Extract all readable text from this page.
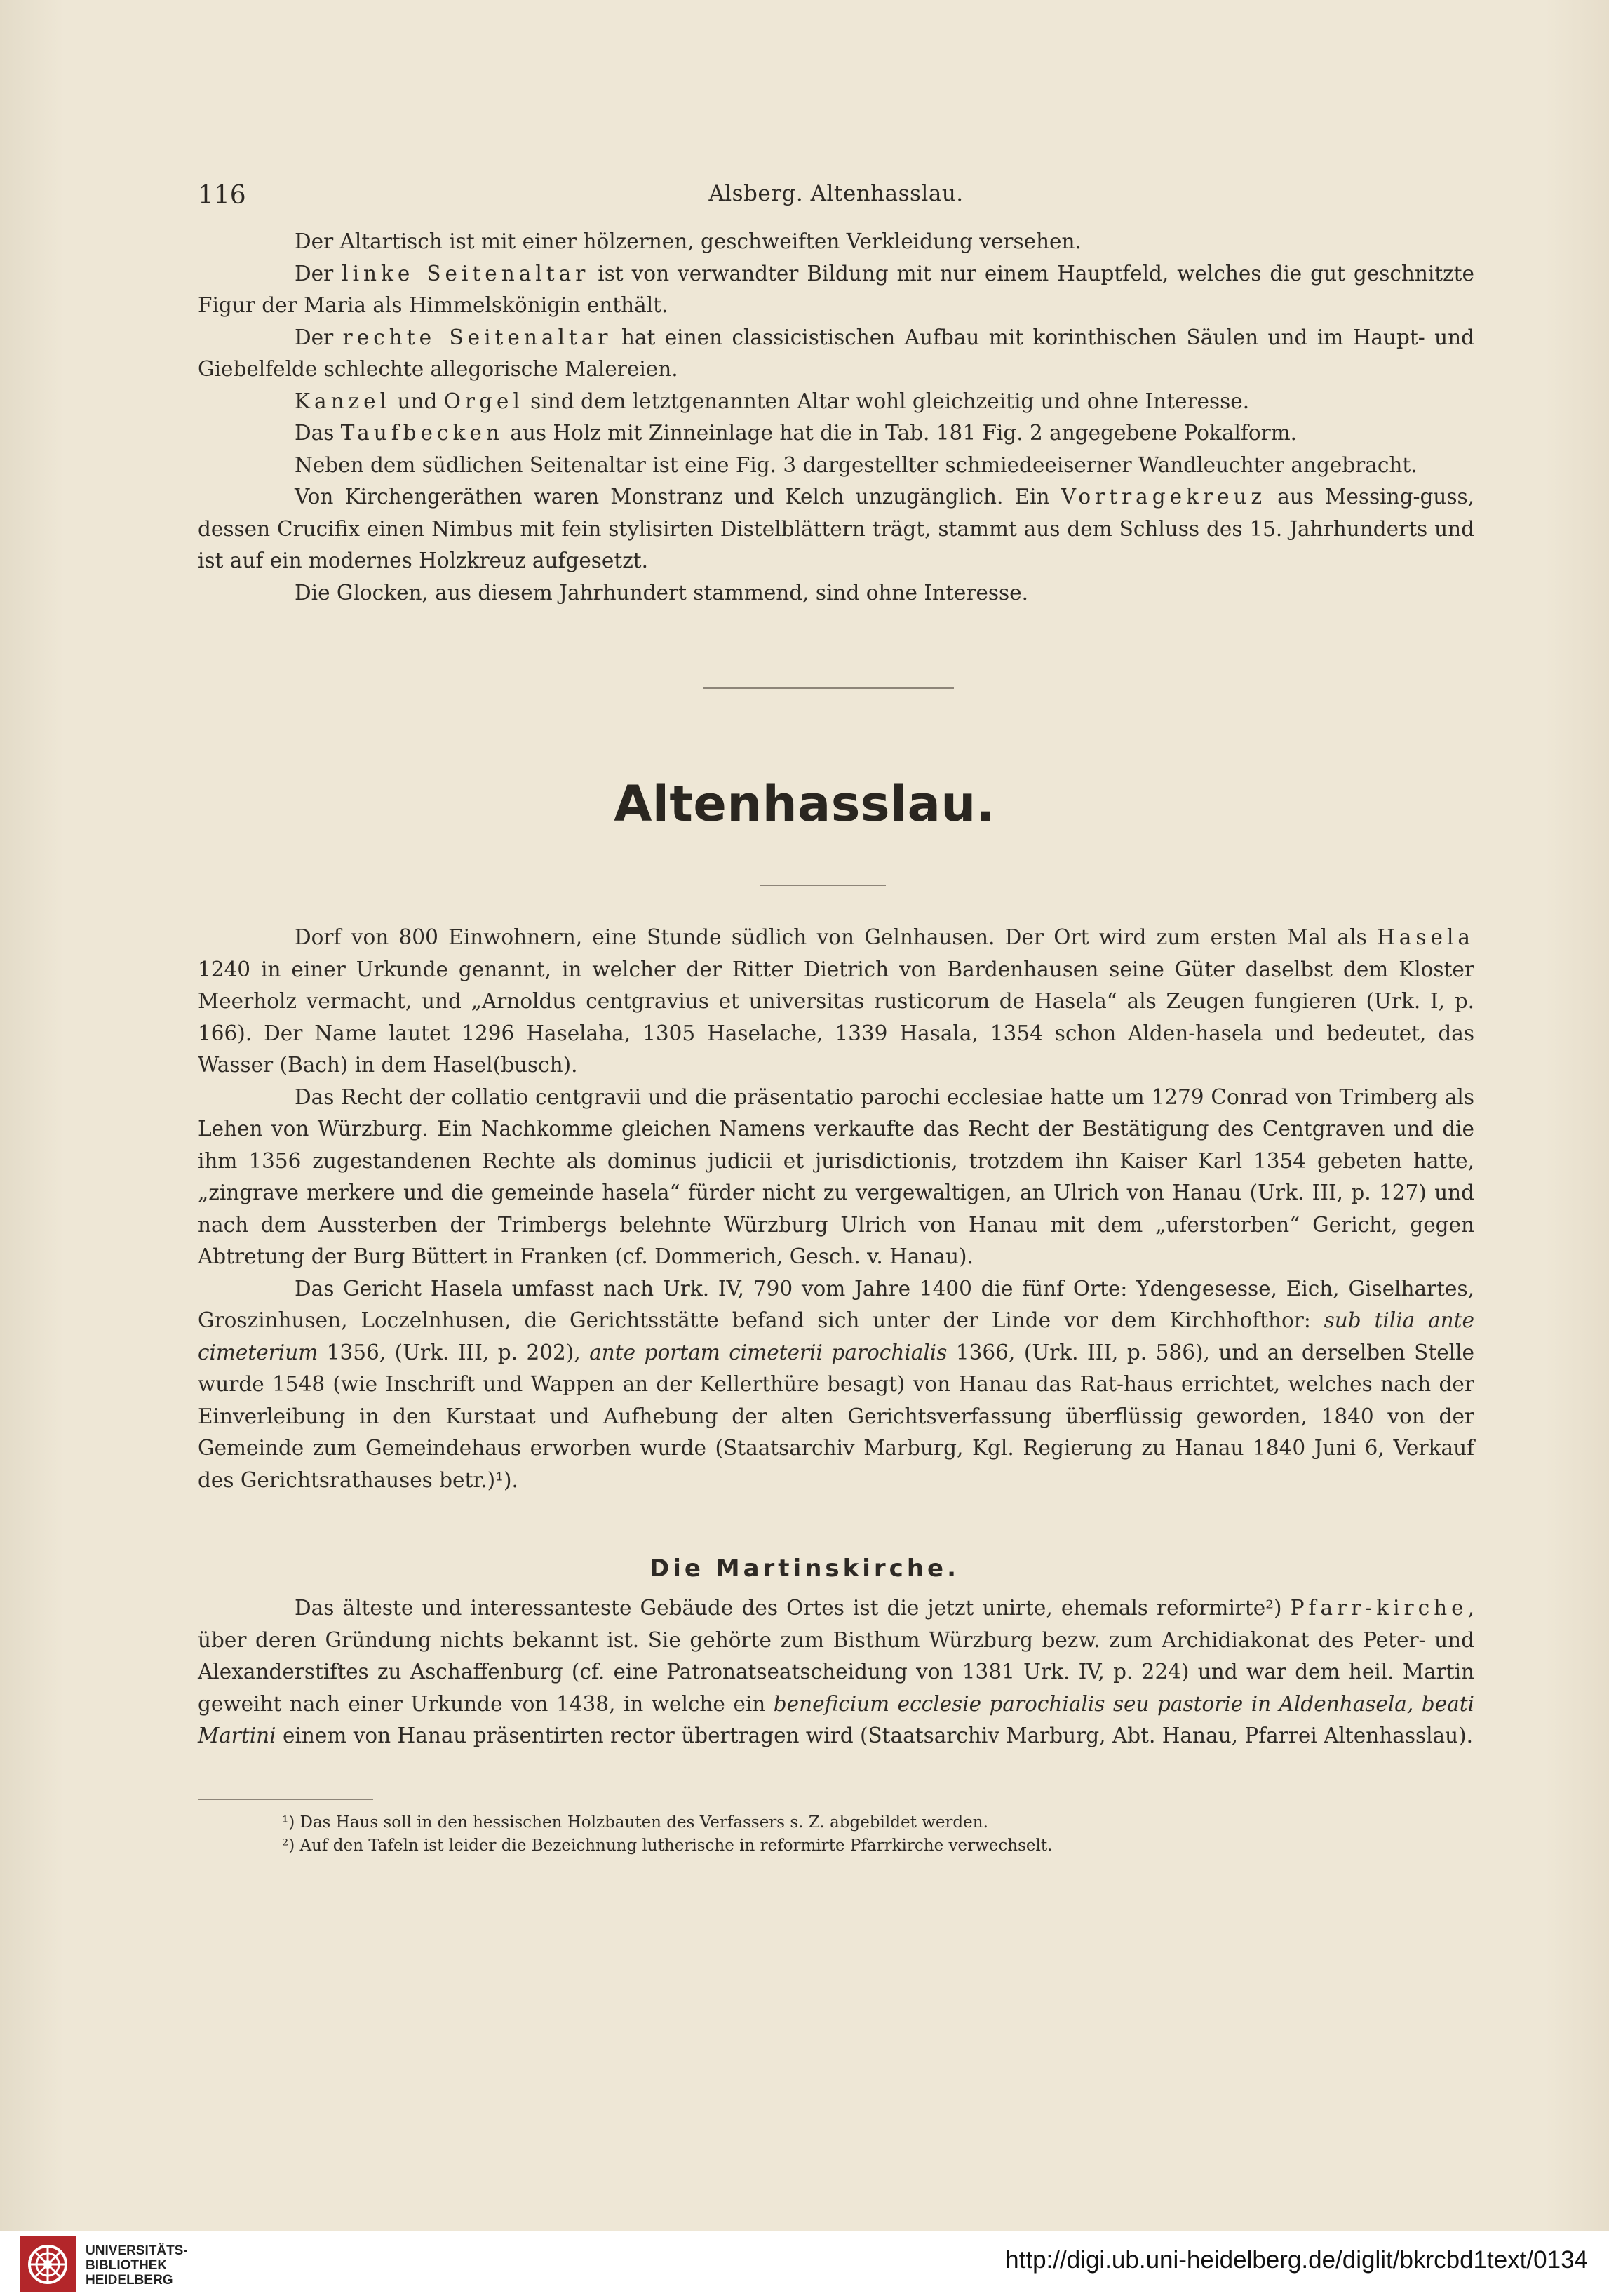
116	Alsberg. Altenhasslau.

Der Altartisch ist mit einer hölzernen, geschweiften Verkleidung versehen.

Der linke Seitenaltar ist von verwandter Bildung mit nur einem Hauptfeld, welches die gut geschnitzte Figur der Maria als Himmelskönigin enthält.

Der rechte Seitenaltar hat einen classicistischen Aufbau mit korinthischen Säulen und im Haupt- und Giebelfelde schlechte allegorische Malereien.

Kanzel und Orgel sind dem letztgenannten Altar wohl gleichzeitig und ohne Interesse.

Das Taufbecken aus Holz mit Zinneinlage hat die in Tab. 181 Fig. 2 angegebene Pokalform.

Neben dem südlichen Seitenaltar ist eine Fig. 3 dargestellter schmiedeeiserner Wandleuchter angebracht.

Von Kirchengeräthen waren Monstranz und Kelch unzugänglich. Ein Vortragekreuz aus Messing-guss, dessen Crucifix einen Nimbus mit fein stylisirten Distelblättern trägt, stammt aus dem Schluss des 15. Jahrhunderts und ist auf ein modernes Holzkreuz aufgesetzt.

Die Glocken, aus diesem Jahrhundert stammend, sind ohne Interesse.

Altenhasslau.

Dorf von 800 Einwohnern, eine Stunde südlich von Gelnhausen. Der Ort wird zum ersten Mal als Hasela 1240 in einer Urkunde genannt, in welcher der Ritter Dietrich von Bardenhausen seine Güter daselbst dem Kloster Meerholz vermacht, und „Arnoldus centgravius et universitas rusticorum de Hasela“ als Zeugen fungieren (Urk. I, p. 166). Der Name lautet 1296 Haselaha, 1305 Haselache, 1339 Hasala, 1354 schon Alden-hasela und bedeutet, das Wasser (Bach) in dem Hasel(busch).

Das Recht der collatio centgravii und die präsentatio parochi ecclesiae hatte um 1279 Conrad von Trimberg als Lehen von Würzburg. Ein Nachkomme gleichen Namens verkaufte das Recht der Bestätigung des Centgraven und die ihm 1356 zugestandenen Rechte als dominus judicii et jurisdictionis, trotzdem ihn Kaiser Karl 1354 gebeten hatte, „zingrave merkere und die gemeinde hasela“ fürder nicht zu vergewaltigen, an Ulrich von Hanau (Urk. III, p. 127) und nach dem Aussterben der Trimbergs belehnte Würzburg Ulrich von Hanau mit dem „uferstorben“ Gericht, gegen Abtretung der Burg Büttert in Franken (cf. Dommerich, Gesch. v. Hanau).

Das Gericht Hasela umfasst nach Urk. IV, 790 vom Jahre 1400 die fünf Orte: Ydengesesse, Eich, Giselhartes, Groszinhusen, Loczelnhusen, die Gerichtsstätte befand sich unter der Linde vor dem Kirchhofthor: sub tilia ante cimeterium 1356, (Urk. III, p. 202), ante portam cimeterii parochialis 1366, (Urk. III, p. 586), und an derselben Stelle wurde 1548 (wie Inschrift und Wappen an der Kellerthüre besagt) von Hanau das Rat-haus errichtet, welches nach der Einverleibung in den Kurstaat und Aufhebung der alten Gerichtsverfassung überflüssig geworden, 1840 von der Gemeinde zum Gemeindehaus erworben wurde (Staatsarchiv Marburg, Kgl. Regierung zu Hanau 1840 Juni 6, Verkauf des Gerichtsrathauses betr.)¹).

Die Martinskirche.

Das älteste und interessanteste Gebäude des Ortes ist die jetzt unirte, ehemals reformirte²) Pfarr-kirche, über deren Gründung nichts bekannt ist. Sie gehörte zum Bisthum Würzburg bezw. zum Archidiakonat des Peter- und Alexanderstiftes zu Aschaffenburg (cf. eine Patronatseatscheidung von 1381 Urk. IV, p. 224) und war dem heil. Martin geweiht nach einer Urkunde von 1438, in welche ein beneficium ecclesie parochialis seu pastorie in Aldenhasela, beati Martini einem von Hanau präsentirten rector übertragen wird (Staatsarchiv Marburg, Abt. Hanau, Pfarrei Altenhasslau).

¹) Das Haus soll in den hessischen Holzbauten des Verfassers s. Z. abgebildet werden.

²) Auf den Tafeln ist leider die Bezeichnung lutherische in reformirte Pfarrkirche verwechselt.

UNIVERSITÄTS-
BIBLIOTHEK
HEIDELBERG
http://digi.ub.uni-heidelberg.de/diglit/bkrcbd1text/0134
